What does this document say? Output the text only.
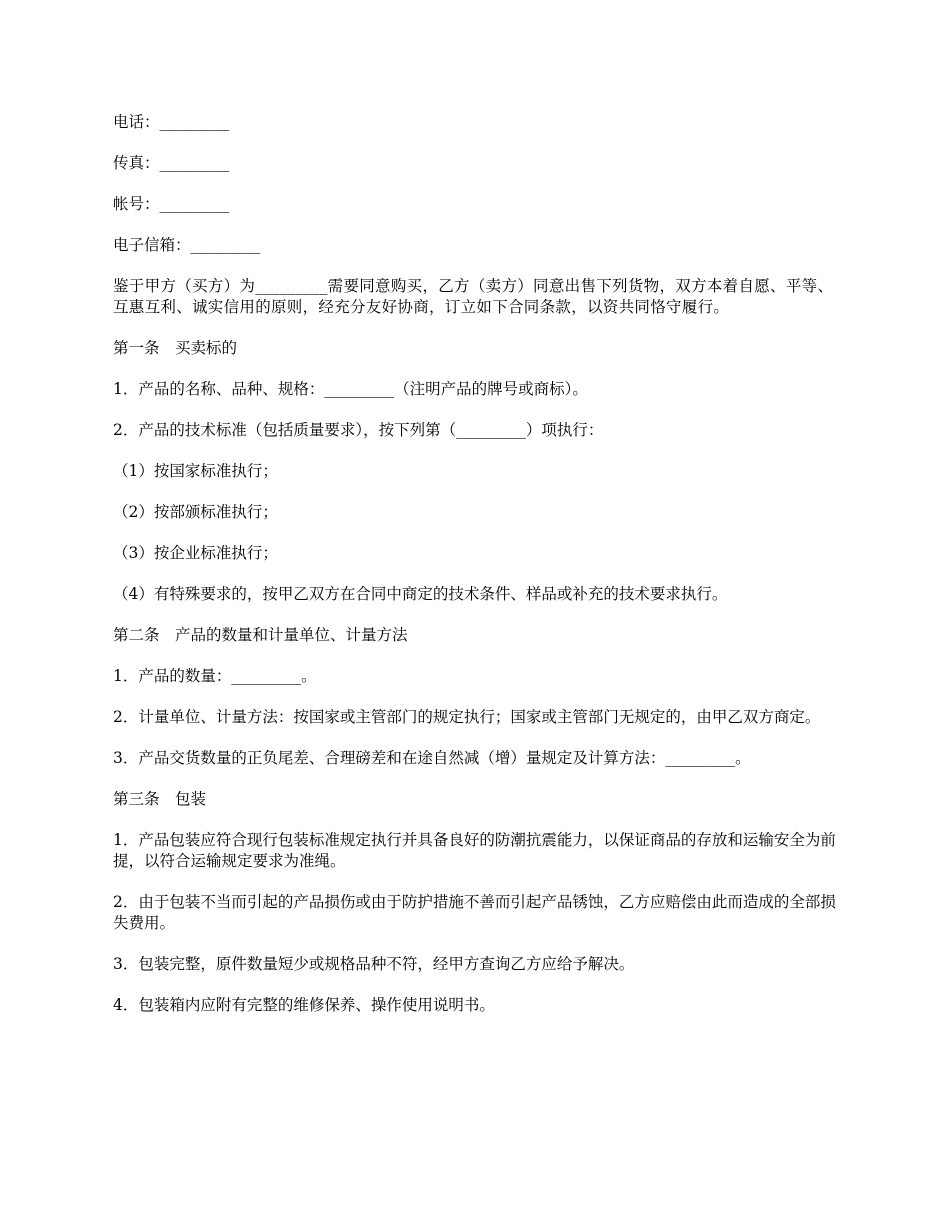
电话：_________

传真：_________

帐号：_________

电子信箱：_________

鉴于甲方（买方）为_________需要同意购买，乙方（卖方）同意出售下列货物，双方本着自愿、平等、互惠互利、诚实信用的原则，经充分友好协商，订立如下合同条款，以资共同恪守履行。

第一条　买卖标的

1．产品的名称、品种、规格：_________（注明产品的牌号或商标）。

2．产品的技术标准（包括质量要求），按下列第（_________）项执行：

（1）按国家标准执行；

（2）按部颁标准执行；

（3）按企业标准执行；

（4）有特殊要求的，按甲乙双方在合同中商定的技术条件、样品或补充的技术要求执行。

第二条　产品的数量和计量单位、计量方法

1．产品的数量：_________。

2．计量单位、计量方法：按国家或主管部门的规定执行；国家或主管部门无规定的，由甲乙双方商定。

3．产品交货数量的正负尾差、合理磅差和在途自然减（增）量规定及计算方法：_________。

第三条　包装

1．产品包装应符合现行包装标准规定执行并具备良好的防潮抗震能力，以保证商品的存放和运输安全为前提，以符合运输规定要求为准绳。

2．由于包装不当而引起的产品损伤或由于防护措施不善而引起产品锈蚀，乙方应赔偿由此而造成的全部损失费用。

3．包装完整，原件数量短少或规格品种不符，经甲方查询乙方应给予解决。

4．包装箱内应附有完整的维修保养、操作使用说明书。
